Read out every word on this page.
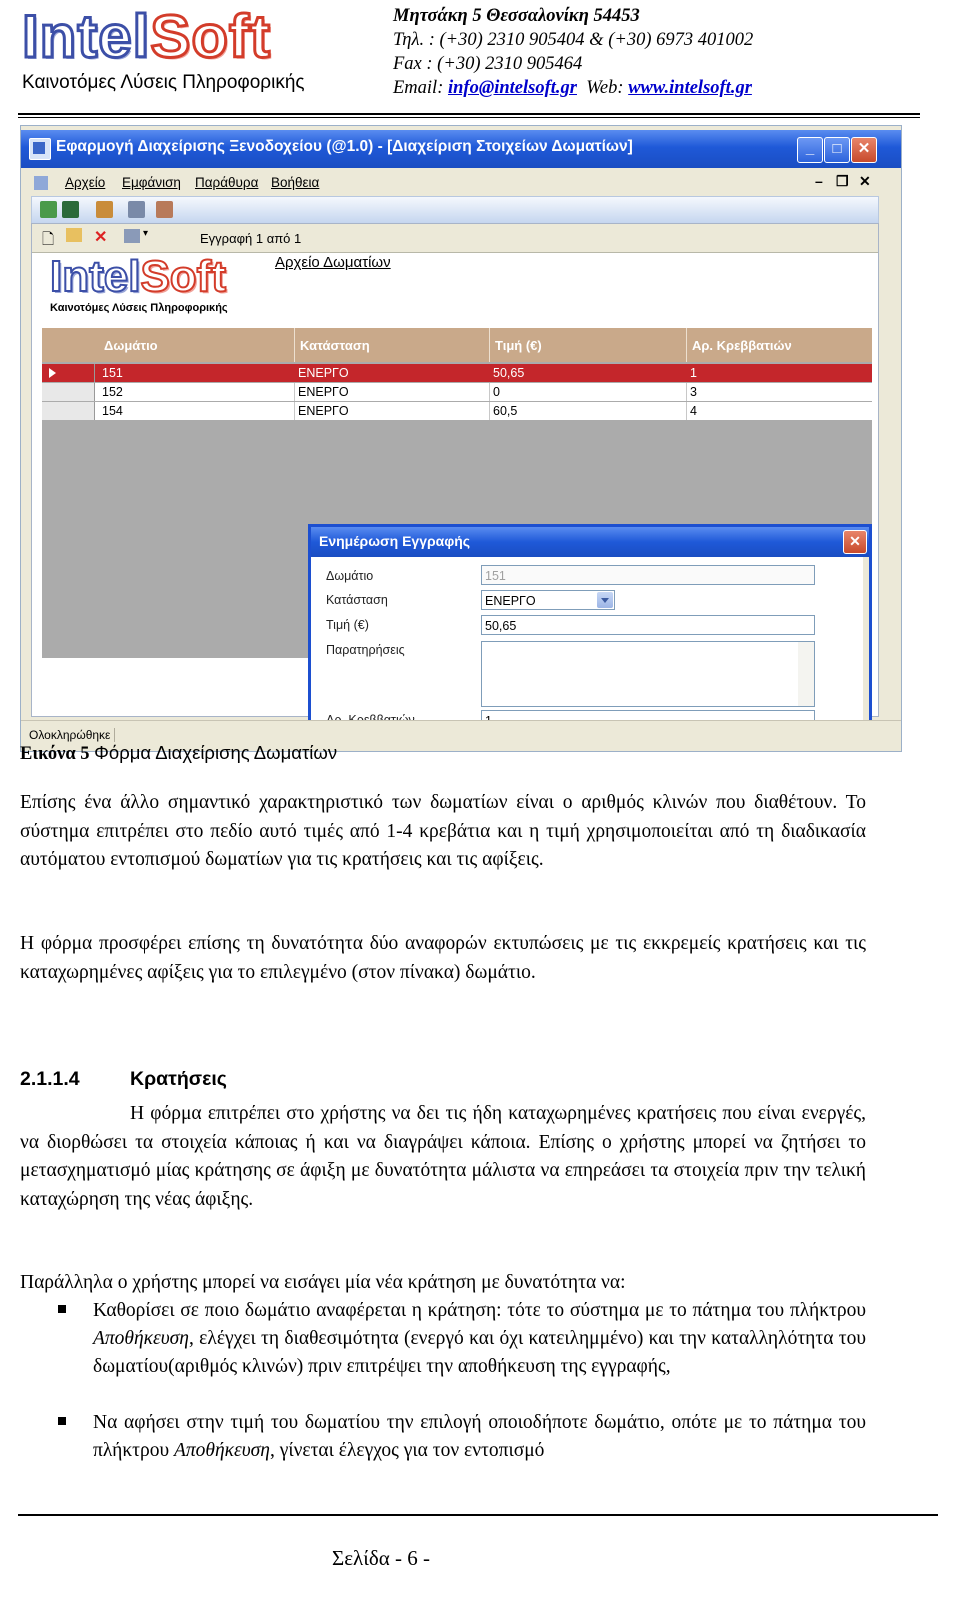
IntelSoft
Καινοτόμες Λύσεις Πληροφορικής
Μητσάκη 5 Θεσσαλονίκη 54453
Τηλ. : (+30) 2310 905404 & (+30) 6973 401002
Fax : (+30) 2310 905464
Email: info@intelsoft.gr Web: www.intelsoft.gr
Εφαρμογή Διαχείρισης Ξενοδοχείου (@1.0) - [Διαχείριση Στοιχείων Δωματίων]	_	□	✕
Αρχείο Εμφάνιση Παράθυρα Βοήθεια	– ❐ ✕
🗋 ✕	▾	Εγγραφή 1 από 1
IntelSoft
Καινοτόμες Λύσεις Πληροφορικής
Αρχείο Δωματίων
Δωμάτιο	Κατάσταση	Τιμή (€)	Αρ. Κρεββατιών
151	ΕΝΕΡΓΟ	50,65	1
152	ΕΝΕΡΓΟ	0	3
154	ΕΝΕΡΓΟ	60,5	4
Ενημέρωση Εγγραφής	✕
Δωμάτιο	151
Κατάσταση	ΕΝΕΡΓΟ
Τιμή (€)	50,65
Παρατηρήσεις
Ολοκληρώθηκε
Εικόνα 5 Φόρμα Διαχείρισης Δωματίων
Επίσης ένα άλλο σημαντικό χαρακτηριστικό των δωματίων είναι ο αριθμός κλινών που διαθέτουν. Το σύστημα επιτρέπει στο πεδίο αυτό τιμές από 1-4 κρεβάτια και η τιμή χρησιμοποιείται από τη διαδικασία αυτόματου εντοπισμού δωματίων για τις κρατήσεις και τις αφίξεις.
Η φόρμα προσφέρει επίσης τη δυνατότητα δύο αναφορών εκτυπώσεις με τις εκκρεμείς κρατήσεις και τις καταχωρημένες αφίξεις για το επιλεγμένο (στον πίνακα) δωμάτιο.
2.1.1.4	Κρατήσεις
Η φόρμα επιτρέπει στο χρήστης να δει τις ήδη καταχωρημένες κρατήσεις που είναι ενεργές, να διορθώσει τα στοιχεία κάποιας ή και να διαγράψει κάποια. Επίσης ο χρήστης μπορεί να ζητήσει το μετασχηματισμό μίας κράτησης σε άφιξη με δυνατότητα μάλιστα να επηρεάσει τα στοιχεία πριν την τελική καταχώρηση της νέας άφιξης.
Παράλληλα ο χρήστης μπορεί να εισάγει μία νέα κράτηση με δυνατότητα να:
Καθορίσει σε ποιο δωμάτιο αναφέρεται η κράτηση: τότε το σύστημα με το πάτημα του πλήκτρου Αποθήκευση, ελέγχει τη διαθεσιμότητα (ενεργό και όχι κατειλημμένο) και την καταλληλότητα του δωματίου(αριθμός κλινών) πριν επιτρέψει την αποθήκευση της εγγραφής,
Να αφήσει στην τιμή του δωματίου την επιλογή οποιοδήποτε δωμάτιο, οπότε με το πάτημα του πλήκτρου Αποθήκευση, γίνεται έλεγχος για τον εντοπισμό
Σελίδα - 6 -
